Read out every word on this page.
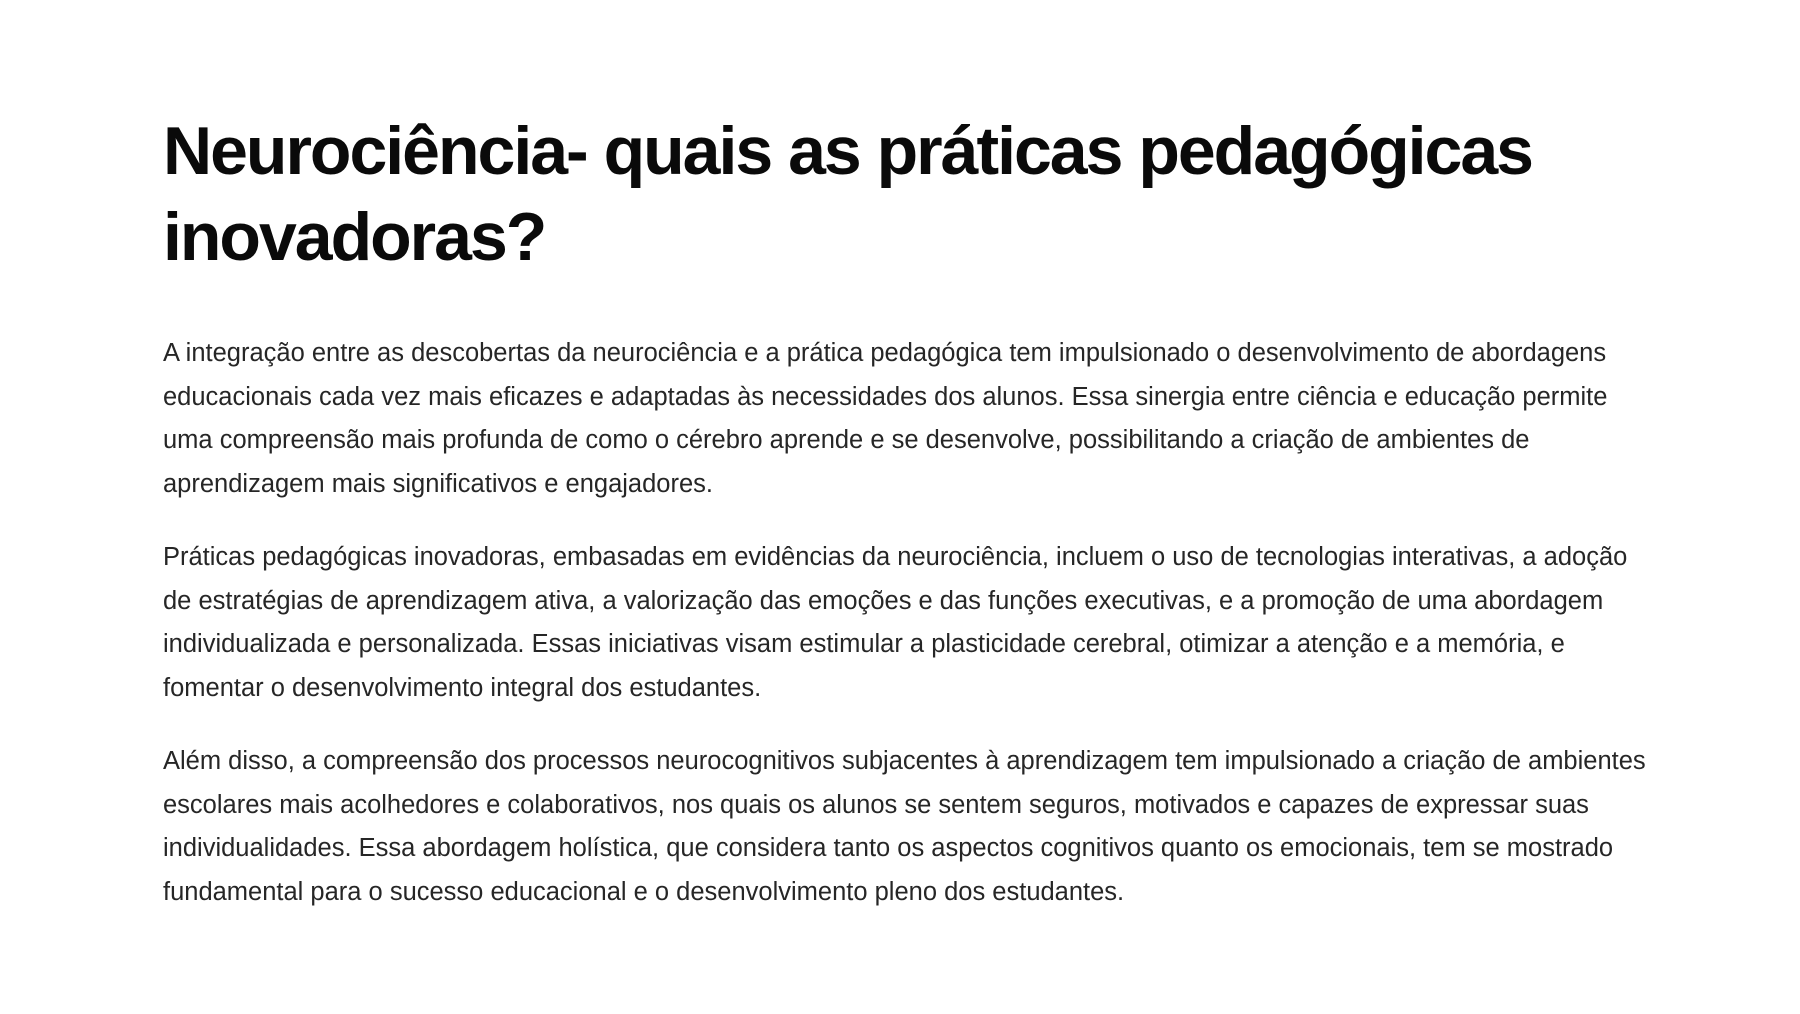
Neurociência- quais as práticas pedagógicas inovadoras?

A integração entre as descobertas da neurociência e a prática pedagógica tem impulsionado o desenvolvimento de abordagens educacionais cada vez mais eficazes e adaptadas às necessidades dos alunos. Essa sinergia entre ciência e educação permite uma compreensão mais profunda de como o cérebro aprende e se desenvolve, possibilitando a criação de ambientes de aprendizagem mais significativos e engajadores.

Práticas pedagógicas inovadoras, embasadas em evidências da neurociência, incluem o uso de tecnologias interativas, a adoção de estratégias de aprendizagem ativa, a valorização das emoções e das funções executivas, e a promoção de uma abordagem individualizada e personalizada. Essas iniciativas visam estimular a plasticidade cerebral, otimizar a atenção e a memória, e fomentar o desenvolvimento integral dos estudantes.

Além disso, a compreensão dos processos neurocognitivos subjacentes à aprendizagem tem impulsionado a criação de ambientes escolares mais acolhedores e colaborativos, nos quais os alunos se sentem seguros, motivados e capazes de expressar suas individualidades. Essa abordagem holística, que considera tanto os aspectos cognitivos quanto os emocionais, tem se mostrado fundamental para o sucesso educacional e o desenvolvimento pleno dos estudantes.
